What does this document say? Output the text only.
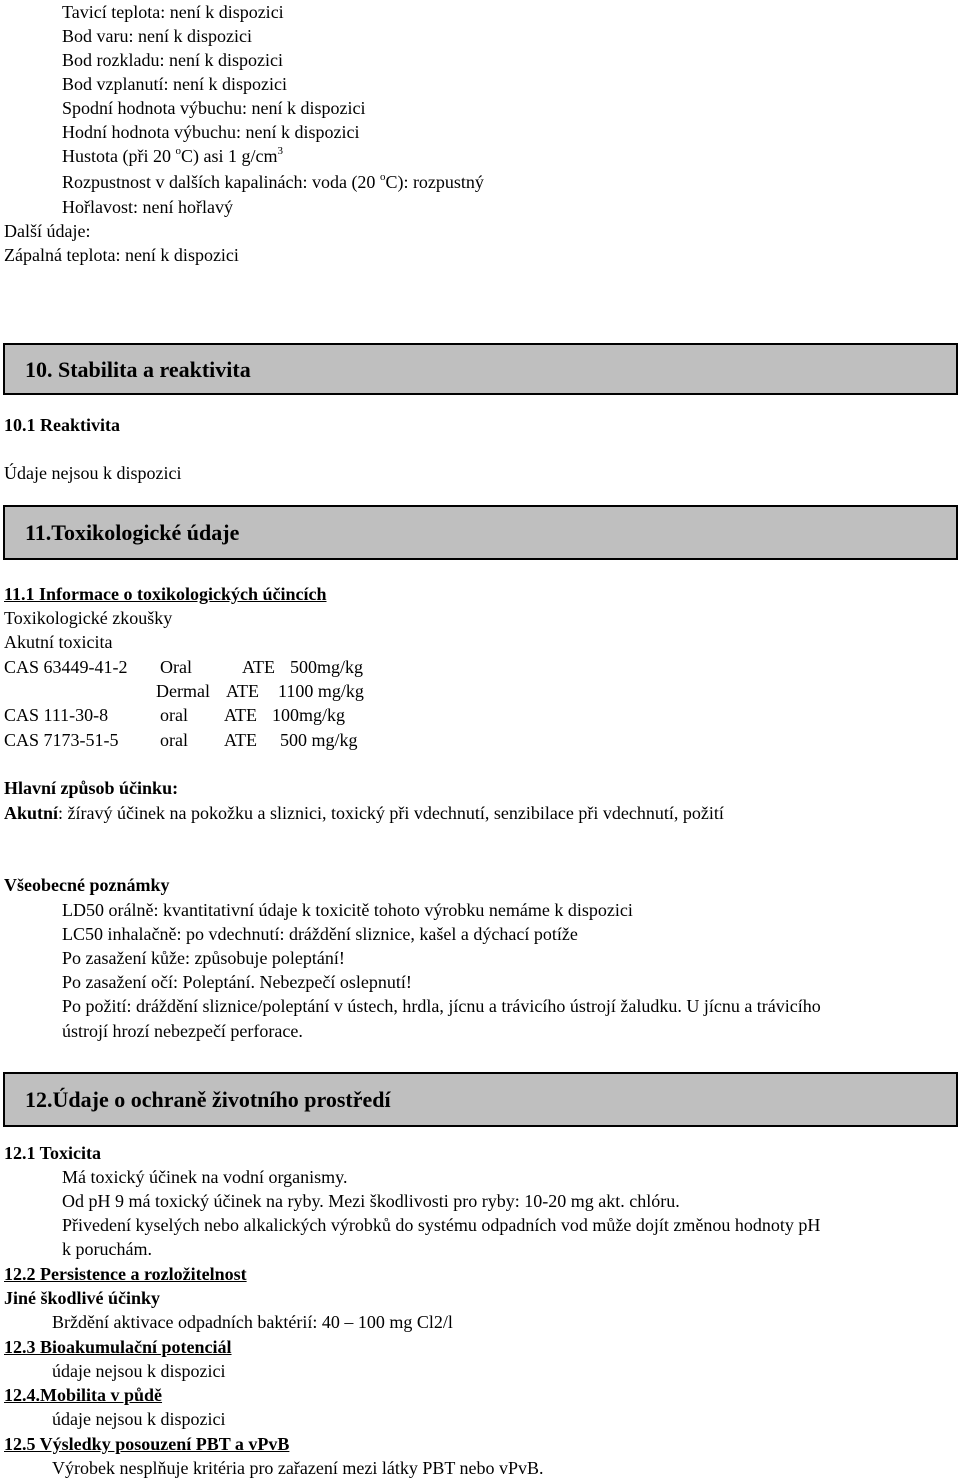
Tavicí teplota: není k dispozici
Bod varu: není k dispozici
Bod rozkladu: není k dispozici
Bod vzplanutí: není k dispozici
Spodní hodnota výbuchu: není k dispozici
Hodní hodnota výbuchu: není k dispozici
Hustota (při 20 $^o$C) asi 1 $g/cm^3$
Rozpustnost v dalších kapalinách: voda (20 $^o$C): rozpustný
Hořlavost: není hořlavý
Další údaje:
Zápalná teplota: není k dispozici
10. Stabilita a reaktivita
10.1 Reaktivita
Údaje nejsou k dispozici
11.Toxikologické údaje
11.1 Informace o toxikologických účincích
Toxikologické zkoušky
Akutní toxicita
CAS 63449-41-2 Oral	ATE 500mg/kg
Dermal ATE 1100 mg/kg
CAS 111-30-8	oral ATE 100mg/kg
CAS 7173-51-5 oral ATE 500 mg/kg
Hlavní způsob účinku:
Akutní: žíravý účinek na pokožku a sliznici, toxický při vdechnutí, senzibilace při vdechnutí, požití
Všeobecné poznámky
LD50 orálně: kvantitativní údaje k toxicitě tohoto výrobku nemáme k dispozici
LC50 inhalačně: po vdechnutí: dráždění sliznice, kašel a dýchací potíže
Po zasažení kůže: způsobuje poleptání!
Po zasažení očí: Poleptání. Nebezpečí oslepnutí!
Po požití: dráždění sliznice/poleptání v ústech, hrdla, jícnu a trávicího ústrojí žaludku. U jícnu a trávicího
ústrojí hrozí nebezpečí perforace.
12.Údaje o ochraně životního prostředí
12.1 Toxicita
Má toxický účinek na vodní organismy.
Od pH 9 má toxický účinek na ryby. Mezi škodlivosti pro ryby: 10-20 mg akt. chlóru.
Přivedení kyselých nebo alkalických výrobků do systému odpadních vod může dojít změnou hodnoty pH
k poruchám.
12.2 Persistence a rozložitelnost
Jiné škodlivé účinky
Brždění aktivace odpadních baktérií: 40 – 100 mg Cl2/l
12.3 Bioakumulační potenciál
údaje nejsou k dispozici
12.4.Mobilita v půdě
údaje nejsou k dispozici
12.5 Výsledky posouzení PBT a vPvB
Výrobek nesplňuje kritéria pro zařazení mezi látky PBT nebo vPvB.
